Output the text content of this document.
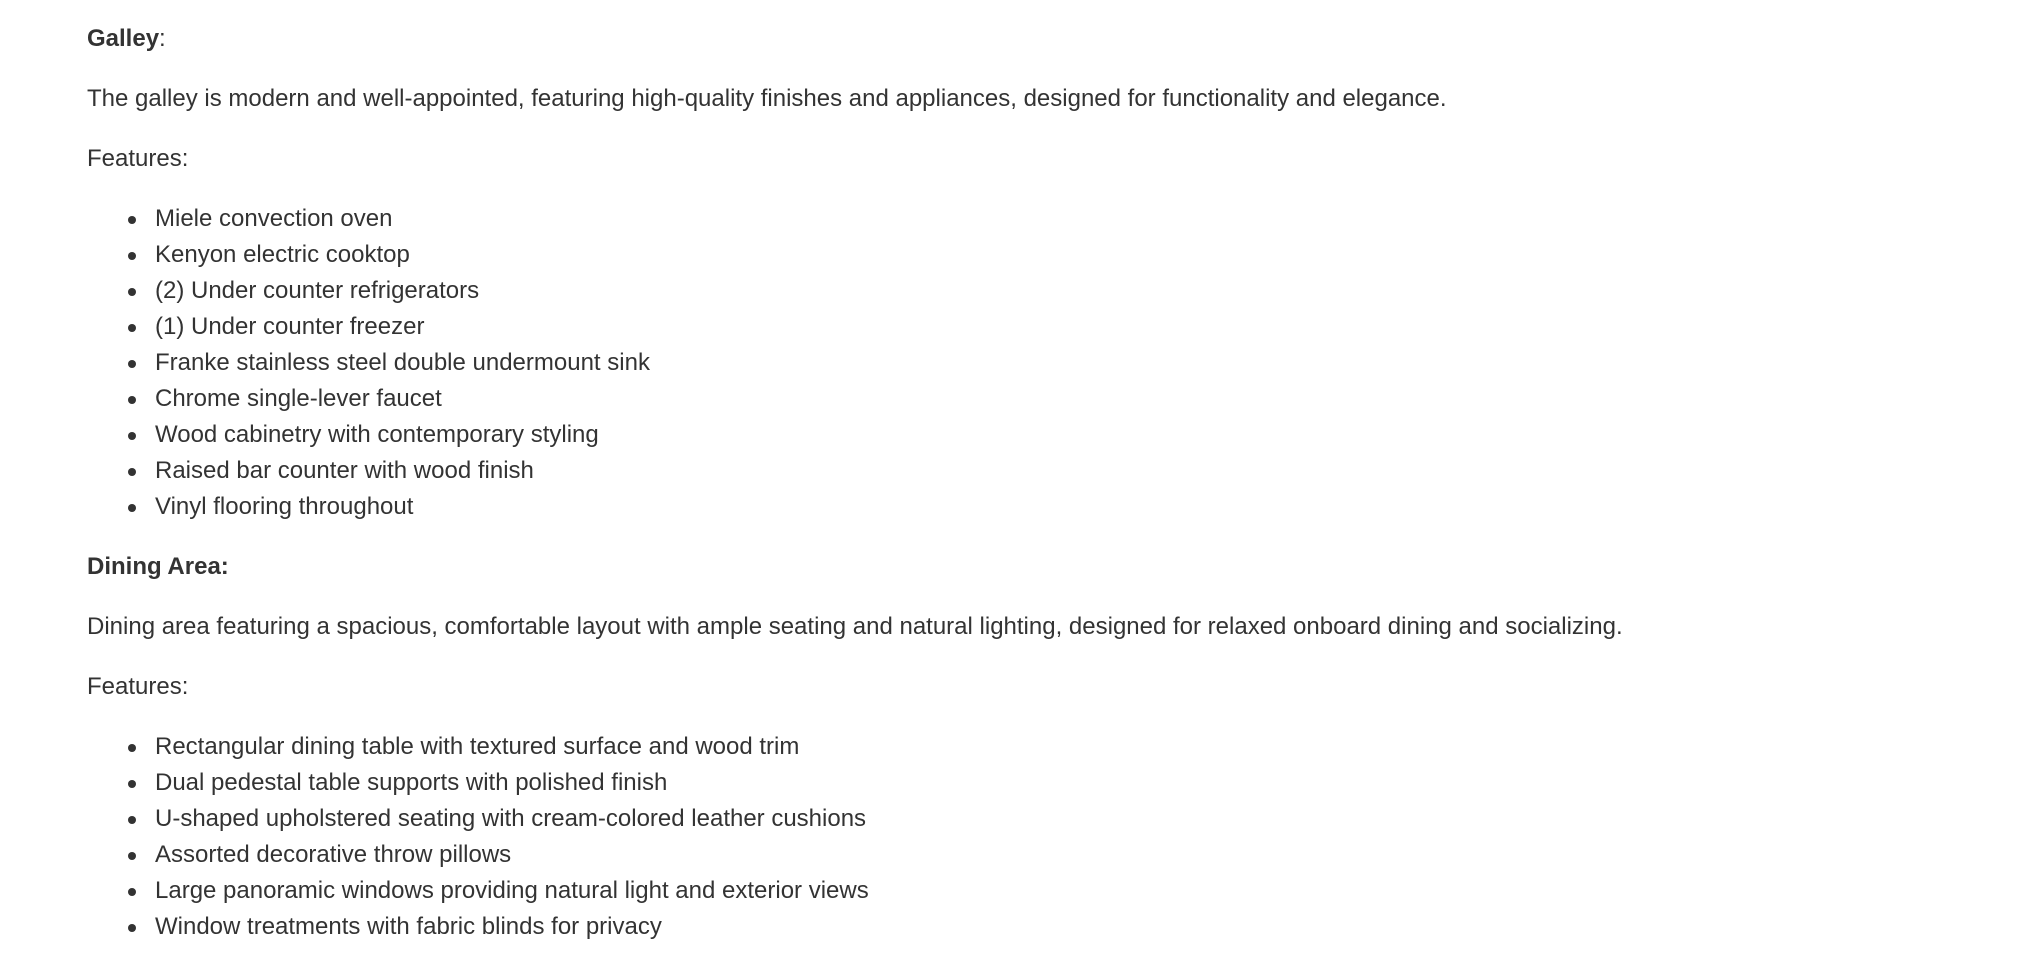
Galley:

The galley is modern and well-appointed, featuring high-quality finishes and appliances, designed for functionality and elegance.

Features:

Miele convection oven
Kenyon electric cooktop
(2) Under counter refrigerators
(1) Under counter freezer
Franke stainless steel double undermount sink
Chrome single-lever faucet
Wood cabinetry with contemporary styling
Raised bar counter with wood finish
Vinyl flooring throughout
Dining Area:

Dining area featuring a spacious, comfortable layout with ample seating and natural lighting, designed for relaxed onboard dining and socializing.

Features:

Rectangular dining table with textured surface and wood trim
Dual pedestal table supports with polished finish
U-shaped upholstered seating with cream-colored leather cushions
Assorted decorative throw pillows
Large panoramic windows providing natural light and exterior views
Window treatments with fabric blinds for privacy
